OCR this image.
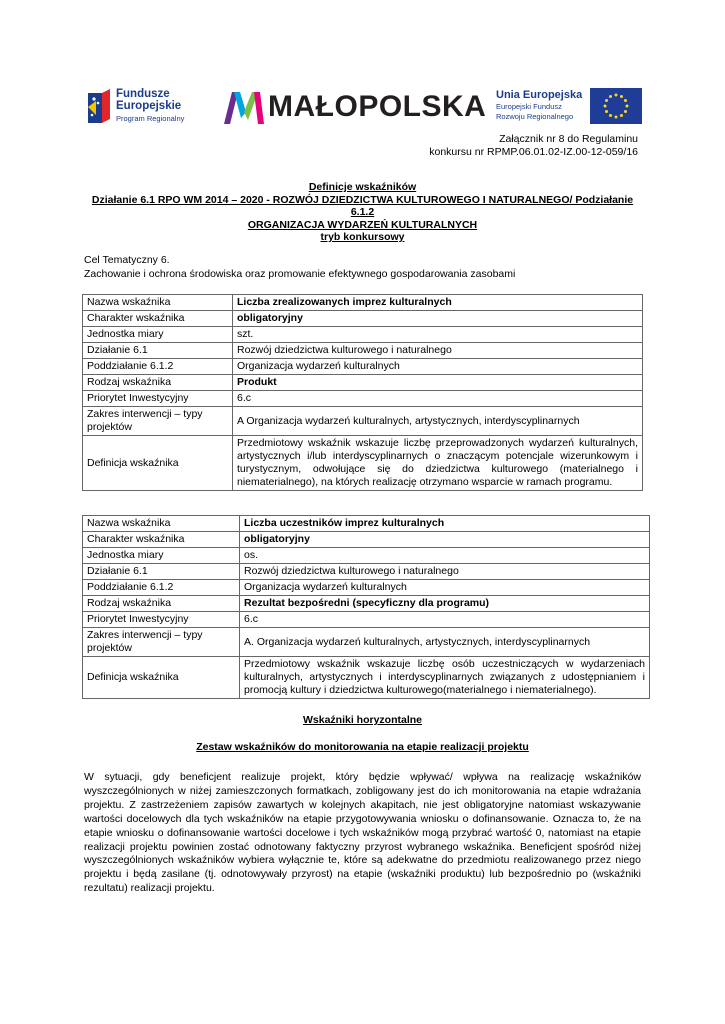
Fundusze
Europejskie
Program Regionalny	MAŁOPOLSKA Unia Europejska
Europejski Fundusz
Rozwoju Regionalnego
Załącznik nr 8 do Regulaminu
konkursu nr RPMP.06.01.02-IZ.00-12-059/16
Definicje wskaźników
Działanie 6.1 RPO WM 2014 – 2020 - ROZWÓJ DZIEDZICTWA KULTUROWEGO I NATURALNEGO/ Podziałanie 6.1.2
ORGANIZACJA WYDARZEŃ KULTURALNYCH
tryb konkursowy
Cel Tematyczny 6.
Zachowanie i ochrona środowiska oraz promowanie efektywnego gospodarowania zasobami
Nazwa wskaźnika	Liczba zrealizowanych imprez kulturalnych
Charakter wskaźnika	obligatoryjny
Jednostka miary	szt.
Działanie 6.1	Rozwój dziedzictwa kulturowego i naturalnego
Poddziałanie 6.1.2	Organizacja wydarzeń kulturalnych
Rodzaj wskaźnika	Produkt
Priorytet Inwestycyjny	6.c
Zakres interwencji – typy projektów	A Organizacja wydarzeń kulturalnych, artystycznych, interdyscyplinarnych
Definicja wskaźnika	Przedmiotowy wskaźnik wskazuje liczbę przeprowadzonych wydarzeń kulturalnych, artystycznych i/lub interdyscyplinarnych o znaczącym potencjale wizerunkowym i turystycznym, odwołujące się do dziedzictwa kulturowego (materialnego i niematerialnego), na których realizację otrzymano wsparcie w ramach programu.
Nazwa wskaźnika	Liczba uczestników imprez kulturalnych
Charakter wskaźnika	obligatoryjny
Jednostka miary	os.
Działanie 6.1	Rozwój dziedzictwa kulturowego i naturalnego
Poddziałanie 6.1.2	Organizacja wydarzeń kulturalnych
Rodzaj wskaźnika	Rezultat bezpośredni (specyficzny dla programu)
Priorytet Inwestycyjny	6.c
Zakres interwencji – typy projektów	A. Organizacja wydarzeń kulturalnych, artystycznych, interdyscyplinarnych
Definicja wskaźnika	Przedmiotowy wskaźnik wskazuje liczbę osób uczestniczących w wydarzeniach kulturalnych, artystycznych i interdyscyplinarnych związanych z udostępnianiem i promocją kultury i dziedzictwa kulturowego(materialnego i niematerialnego).
Wskaźniki horyzontalne
Zestaw wskaźników do monitorowania na etapie realizacji projektu
W sytuacji, gdy beneficjent realizuje projekt, który będzie wpływać/ wpływa na realizację wskaźników wyszczególnionych w niżej zamieszczonych formatkach, zobligowany jest do ich monitorowania na etapie wdrażania projektu. Z zastrzeżeniem zapisów zawartych w kolejnych akapitach, nie jest obligatoryjne natomiast wskazywanie wartości docelowych dla tych wskaźników na etapie przygotowywania wniosku o dofinansowanie. Oznacza to, że na etapie wniosku o dofinansowanie wartości docelowe i tych wskaźników mogą przybrać wartość 0, natomiast na etapie realizacji projektu powinien zostać odnotowany faktyczny przyrost wybranego wskaźnika. Beneficjent spośród niżej wyszczególnionych wskaźników wybiera wyłącznie te, które są adekwatne do przedmiotu realizowanego przez niego projektu i będą zasilane (tj. odnotowywały przyrost) na etapie (wskaźniki produktu) lub bezpośrednio po (wskaźniki rezultatu) realizacji projektu.
